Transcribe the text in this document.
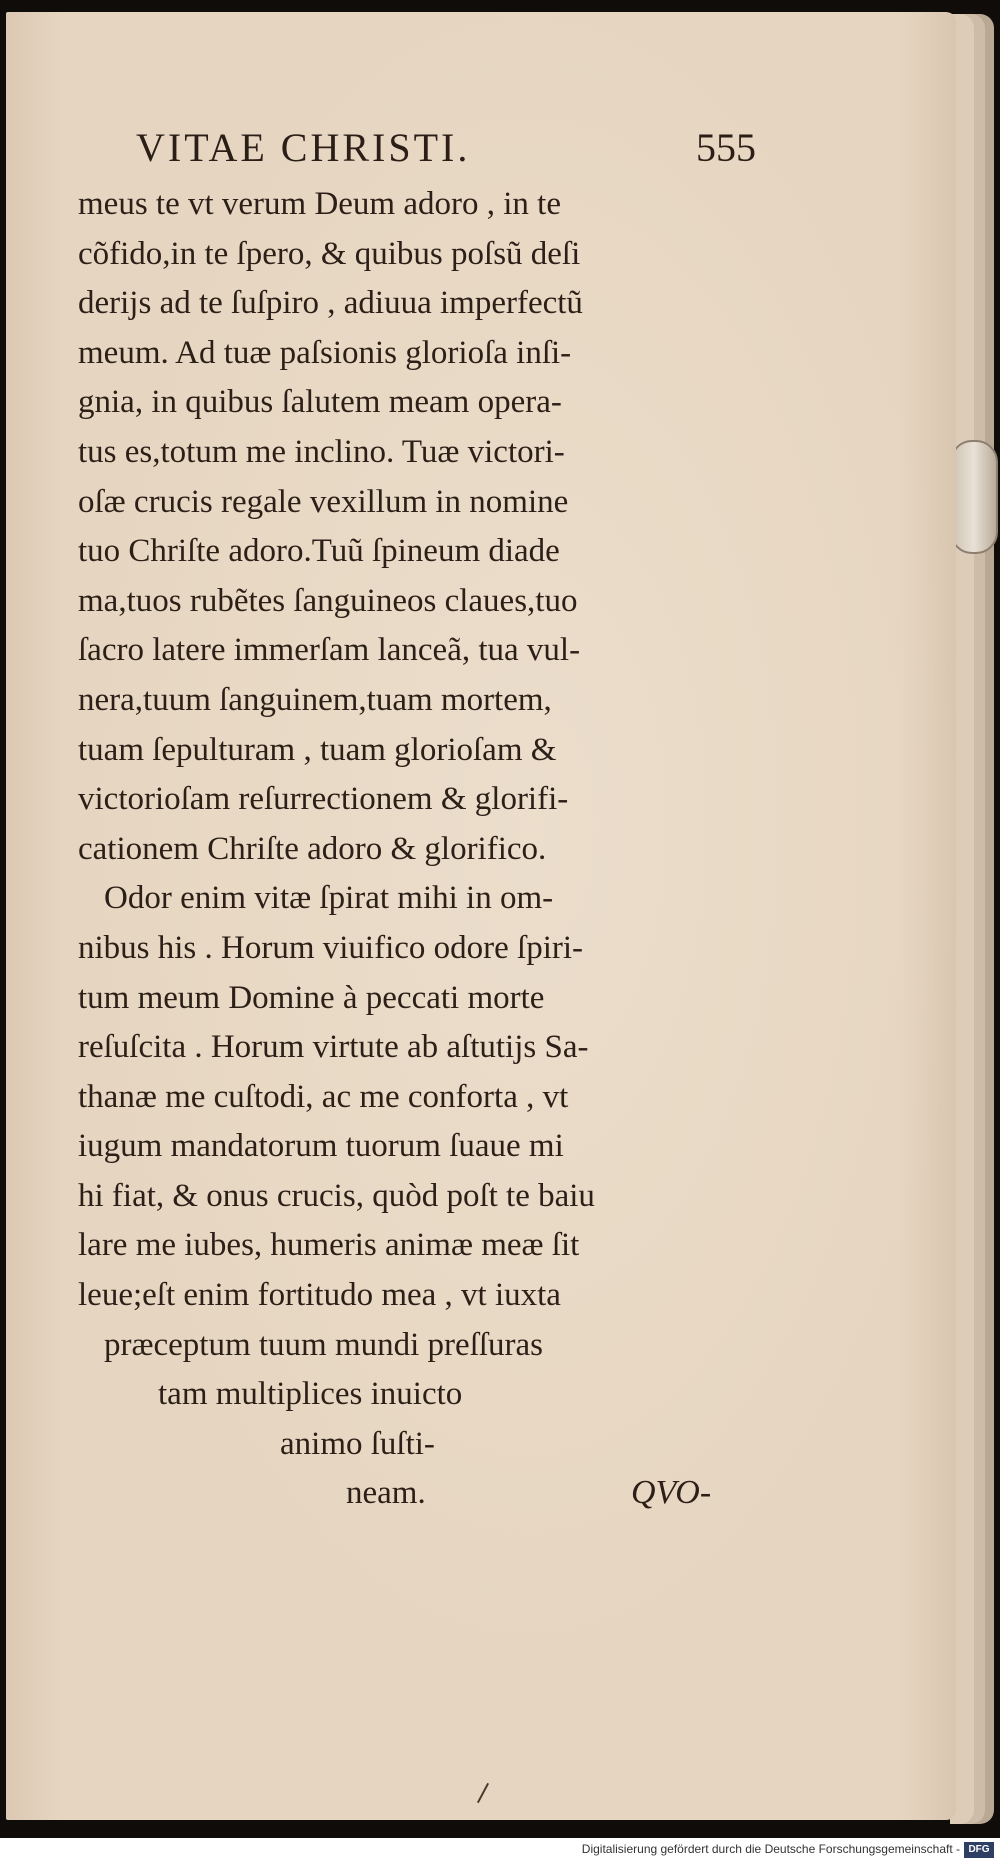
VITAE CHRISTI.	555
meus te vt verum Deum adoro , in te
cõfido,in te ſpero, & quibus poſsũ deſi
derijs ad te ſuſpiro , adiuua imperfectũ
meum. Ad tuæ paſsionis glorioſa inſi-
gnia, in quibus ſalutem meam opera-
tus es,totum me inclino. Tuæ victori-
oſæ crucis regale vexillum in nomine
tuo Chriſte adoro.Tuũ ſpineum diade
ma,tuos rubẽtes ſanguineos claues,tuo
ſacro latere immerſam lanceã, tua vul-
nera,tuum ſanguinem,tuam mortem,
tuam ſepulturam , tuam glorioſam &
victorioſam reſurrectionem & glorifi-
cationem Chriſte adoro & glorifico.
Odor enim vitæ ſpirat mihi in om-
nibus his . Horum viuifico odore ſpiri-
tum meum Domine à peccati morte
reſuſcita . Horum virtute ab aſtutijs Sa-
thanæ me cuſtodi, ac me conforta , vt
iugum mandatorum tuorum ſuaue mi
hi fiat, & onus crucis, quòd poſt te baiu
lare me iubes, humeris animæ meæ ſit
leue;eſt enim fortitudo mea , vt iuxta
præceptum tuum mundi preſſuras
tam multiplices inuicto
animo ſuſti-
neam.	QVO-
Digitalisierung gefördert durch die Deutsche Forschungsgemeinschaft - DFG
